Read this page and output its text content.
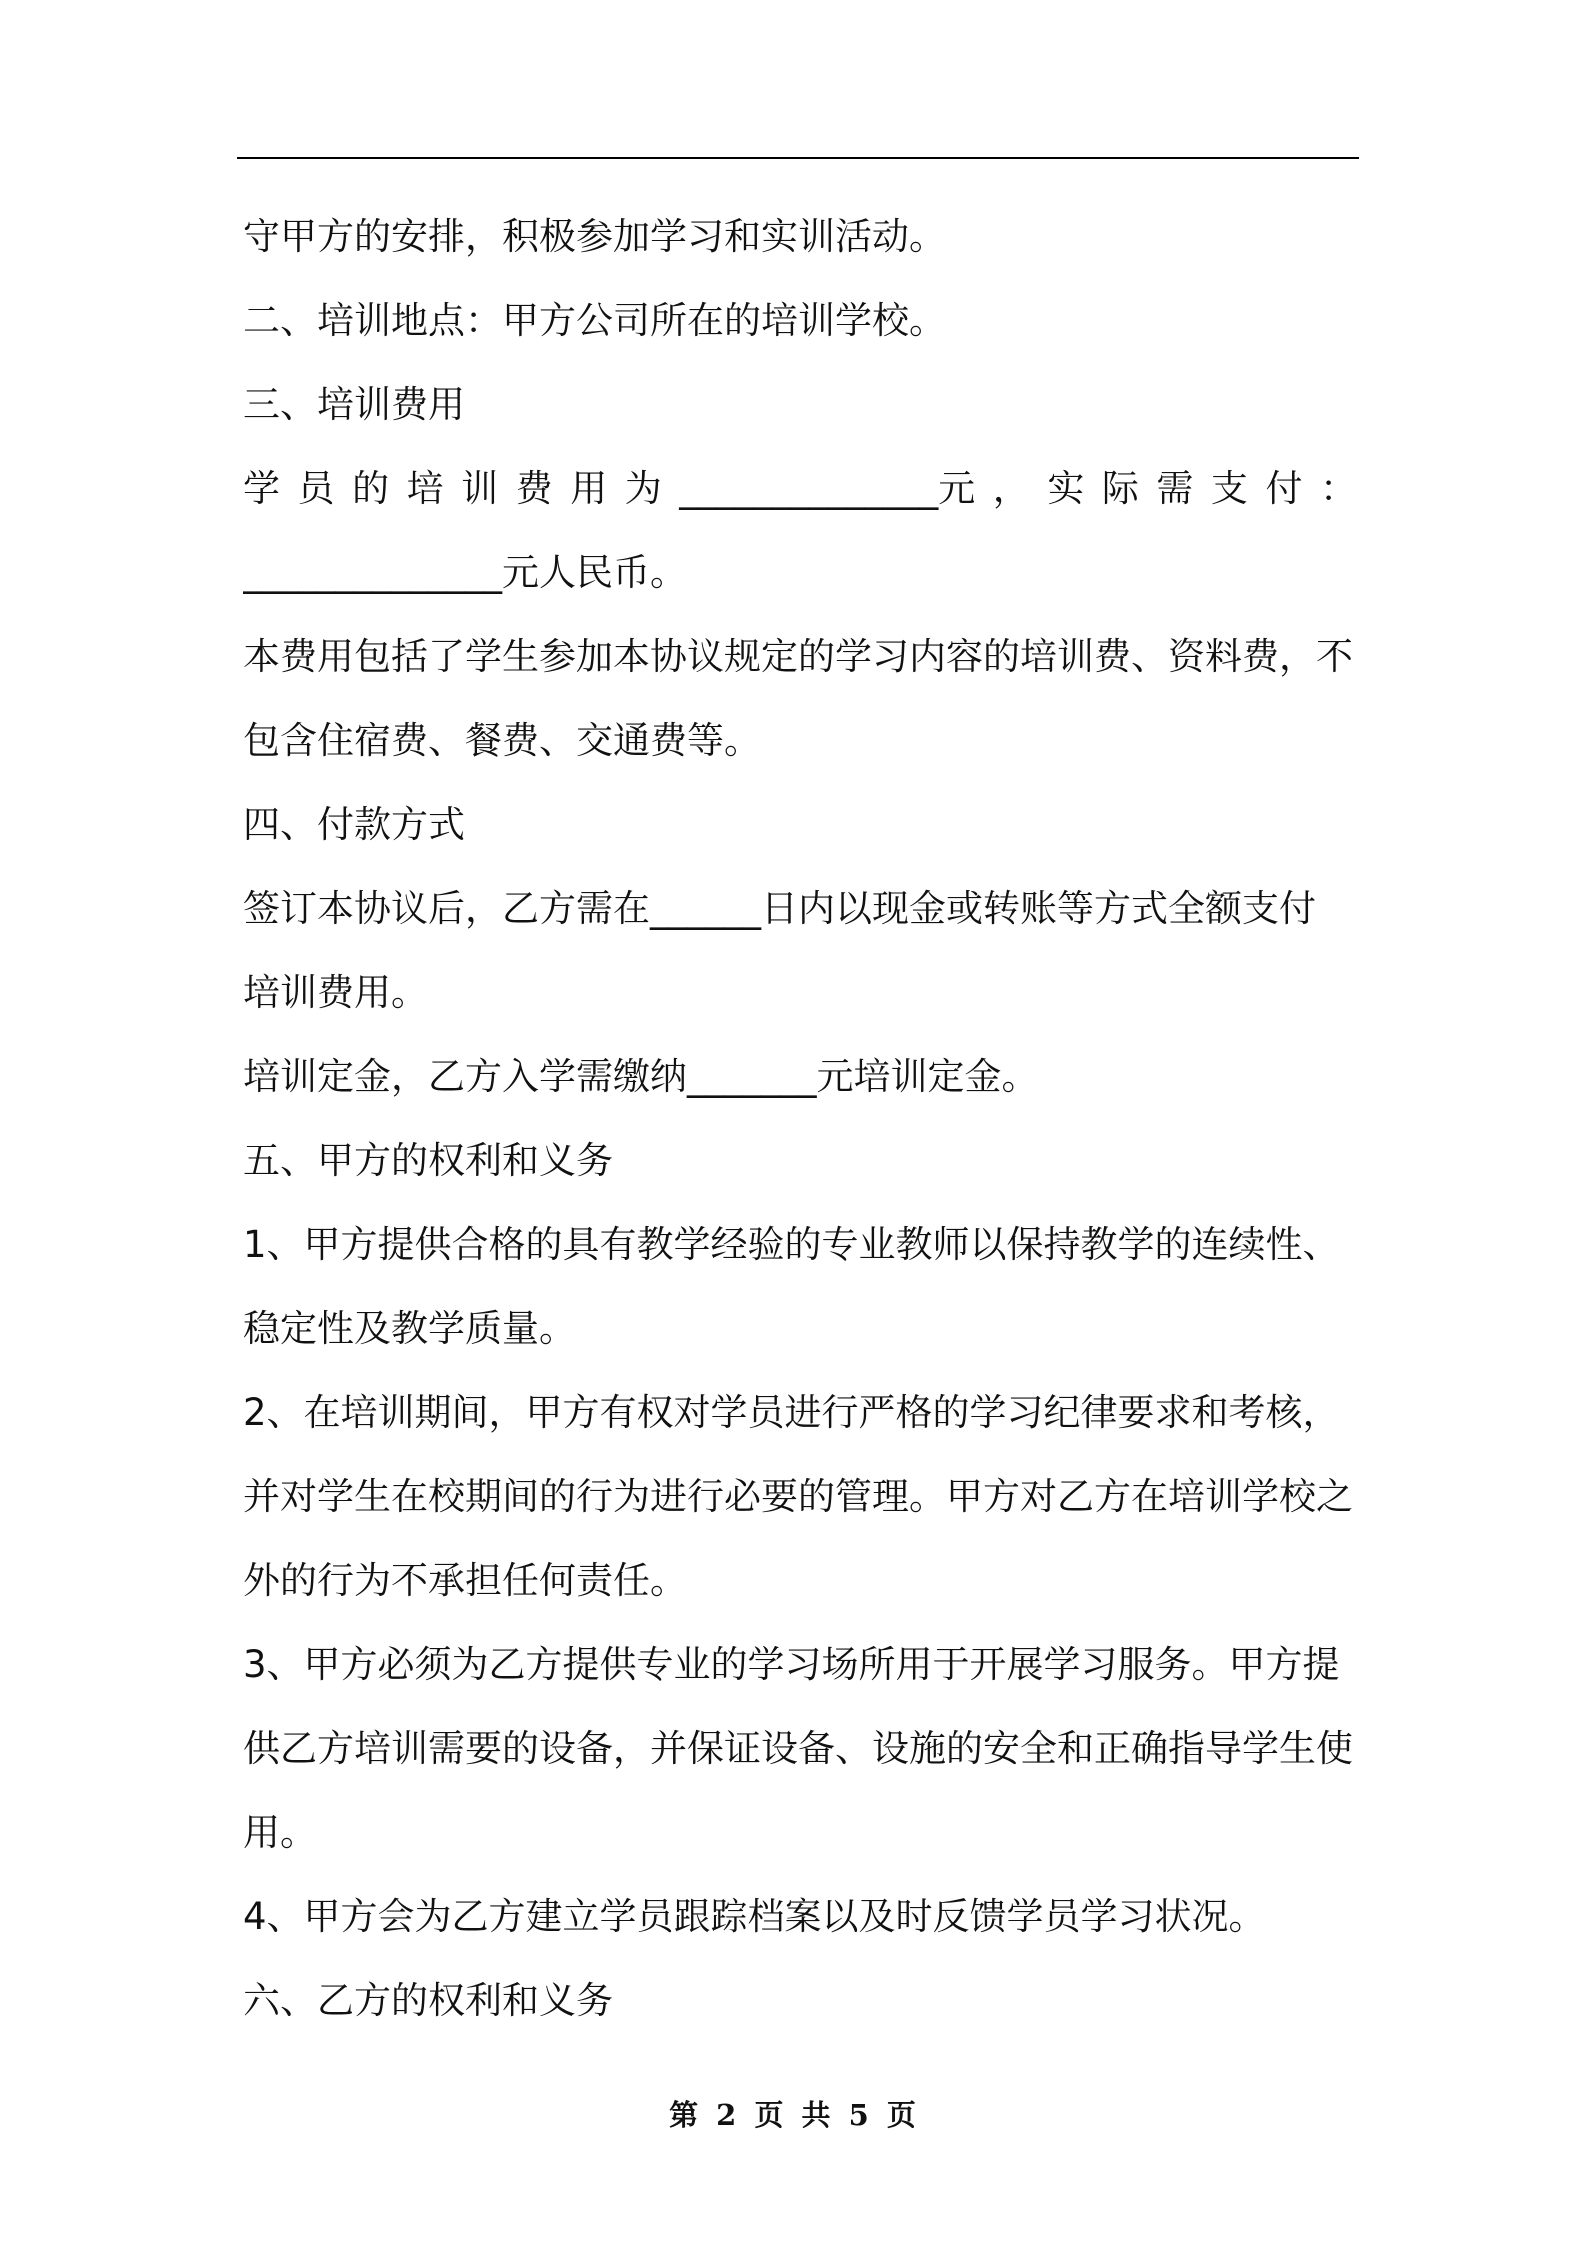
守甲方的安排，积极参加学习和实训活动。
二、培训地点：甲方公司所在的培训学校。
三、培训费用
学 员 的 培 训 费 用 为 ______________元 ， 实 际 需 支 付 ：
______________元人民币。
本费用包括了学生参加本协议规定的学习内容的培训费、资料费，不
包含住宿费、餐费、交通费等。
四、付款方式
签订本协议后，乙方需在______日内以现金或转账等方式全额支付
培训费用。
培训定金，乙方入学需缴纳_______元培训定金。
五、甲方的权利和义务
1、甲方提供合格的具有教学经验的专业教师以保持教学的连续性、
稳定性及教学质量。
2、在培训期间，甲方有权对学员进行严格的学习纪律要求和考核，
并对学生在校期间的行为进行必要的管理。甲方对乙方在培训学校之
外的行为不承担任何责任。
3、甲方必须为乙方提供专业的学习场所用于开展学习服务。甲方提
供乙方培训需要的设备，并保证设备、设施的安全和正确指导学生使
用。
4、甲方会为乙方建立学员跟踪档案以及时反馈学员学习状况。
六、乙方的权利和义务
第 2 页 共 5 页
